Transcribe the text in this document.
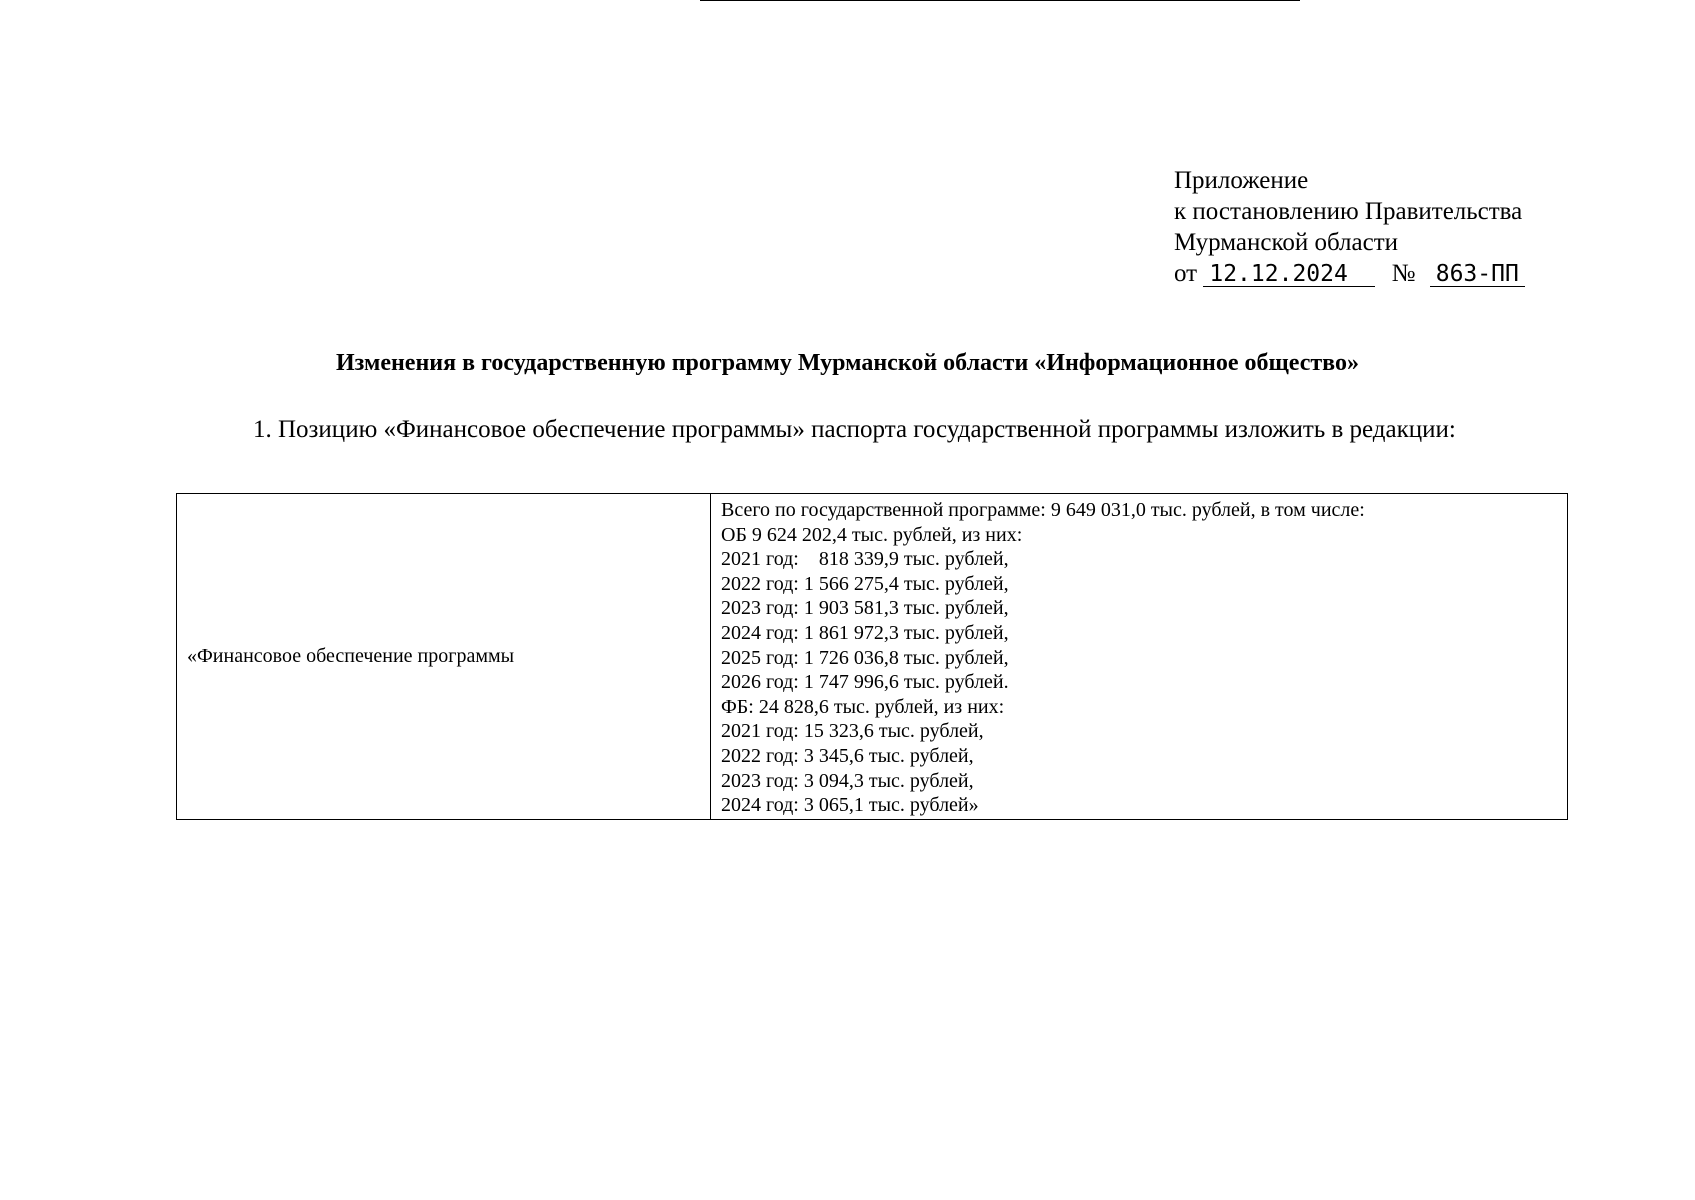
Приложение
к постановлению Правительства
Мурманской области
от 12.12.2024 № 863-ПП
Изменения в государственную программу Мурманской области «Информационное общество»
1. Позицию «Финансовое обеспечение программы» паспорта государственной программы изложить в редакции:
«Финансовое обеспечение программы
Всего по государственной программе: 9 649 031,0 тыс. рублей, в том числе:
ОБ 9 624 202,4 тыс. рублей, из них:
2021 год:    818 339,9 тыс. рублей,
2022 год: 1 566 275,4 тыс. рублей,
2023 год: 1 903 581,3 тыс. рублей,
2024 год: 1 861 972,3 тыс. рублей,
2025 год: 1 726 036,8 тыс. рублей,
2026 год: 1 747 996,6 тыс. рублей.
ФБ: 24 828,6 тыс. рублей, из них:
2021 год: 15 323,6 тыс. рублей,
2022 год: 3 345,6 тыс. рублей,
2023 год: 3 094,3 тыс. рублей,
2024 год: 3 065,1 тыс. рублей»
